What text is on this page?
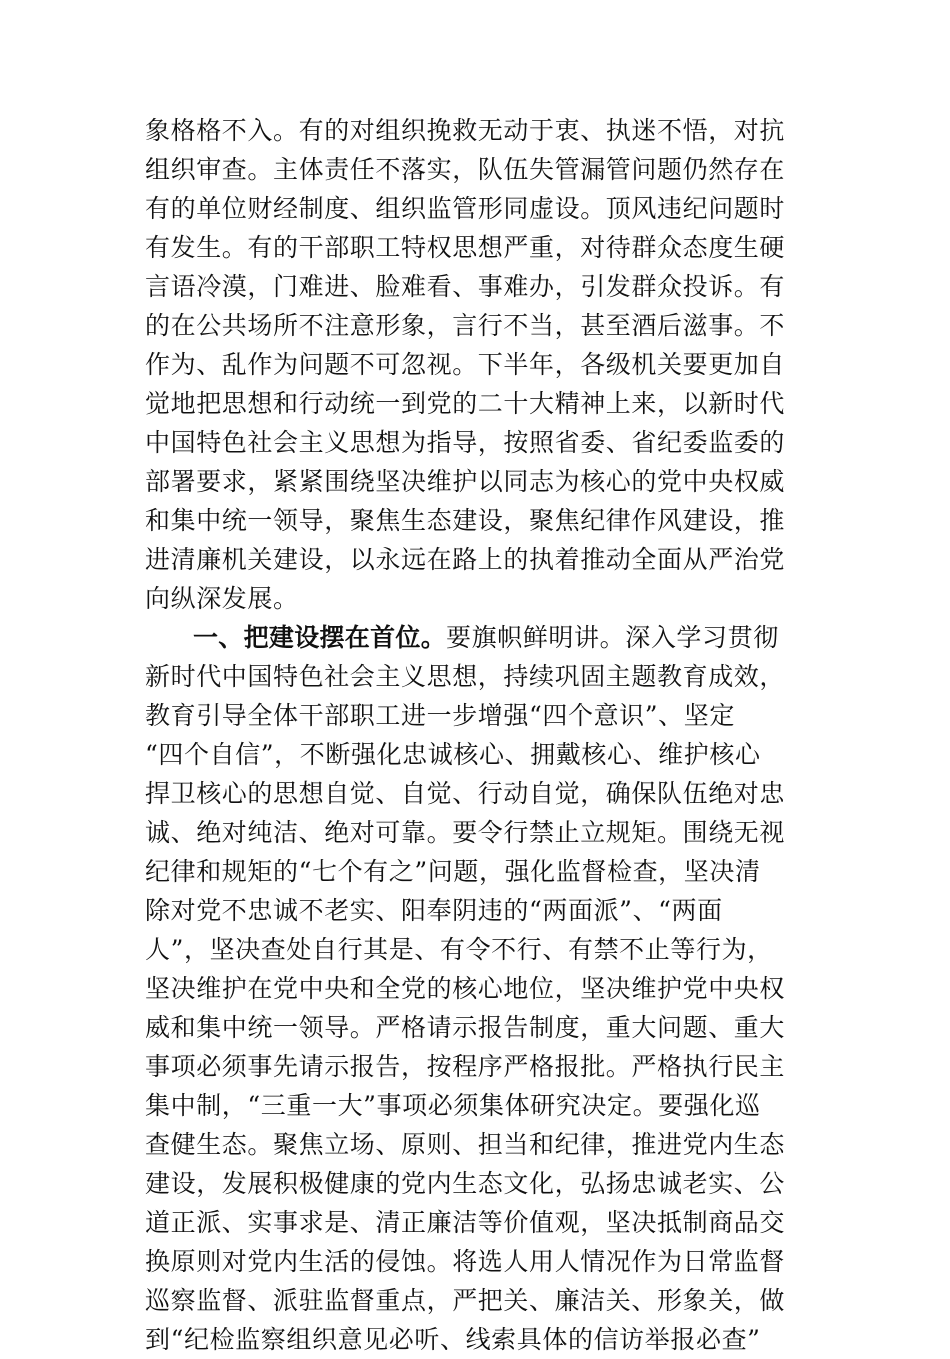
象格格不入。有的对组织挽救无动于衷、执迷不悟，对抗
组织审查。主体责任不落实，队伍失管漏管问题仍然存在
有的单位财经制度、组织监管形同虚设。顶风违纪问题时
有发生。有的干部职工特权思想严重，对待群众态度生硬
言语冷漠，门难进、脸难看、事难办，引发群众投诉。有
的在公共场所不注意形象，言行不当，甚至酒后滋事。不
作为、乱作为问题不可忽视。下半年，各级机关要更加自
觉地把思想和行动统一到党的二十大精神上来，以新时代
中国特色社会主义思想为指导，按照省委、省纪委监委的
部署要求，紧紧围绕坚决维护以同志为核心的党中央权威
和集中统一领导，聚焦生态建设，聚焦纪律作风建设，推
进清廉机关建设，以永远在路上的执着推动全面从严治党
向纵深发展。
一、把建设摆在首位。要旗帜鲜明讲。深入学习贯彻
新时代中国特色社会主义思想，持续巩固主题教育成效，
教育引导全体干部职工进一步增强“四个意识”、坚定
“四个自信”，不断强化忠诚核心、拥戴核心、维护核心
捍卫核心的思想自觉、自觉、行动自觉，确保队伍绝对忠
诚、绝对纯洁、绝对可靠。要令行禁止立规矩。围绕无视
纪律和规矩的“七个有之”问题，强化监督检查，坚决清
除对党不忠诚不老实、阳奉阴违的“两面派”、“两面
人”，坚决查处自行其是、有令不行、有禁不止等行为，
坚决维护在党中央和全党的核心地位，坚决维护党中央权
威和集中统一领导。严格请示报告制度，重大问题、重大
事项必须事先请示报告，按程序严格报批。严格执行民主
集中制，“三重一大”事项必须集体研究决定。要强化巡
查健生态。聚焦立场、原则、担当和纪律，推进党内生态
建设，发展积极健康的党内生态文化，弘扬忠诚老实、公
道正派、实事求是、清正廉洁等价值观，坚决抵制商品交
换原则对党内生活的侵蚀。将选人用人情况作为日常监督
巡察监督、派驻监督重点，严把关、廉洁关、形象关，做
到“纪检监察组织意见必听、线索具体的信访举报必查”
